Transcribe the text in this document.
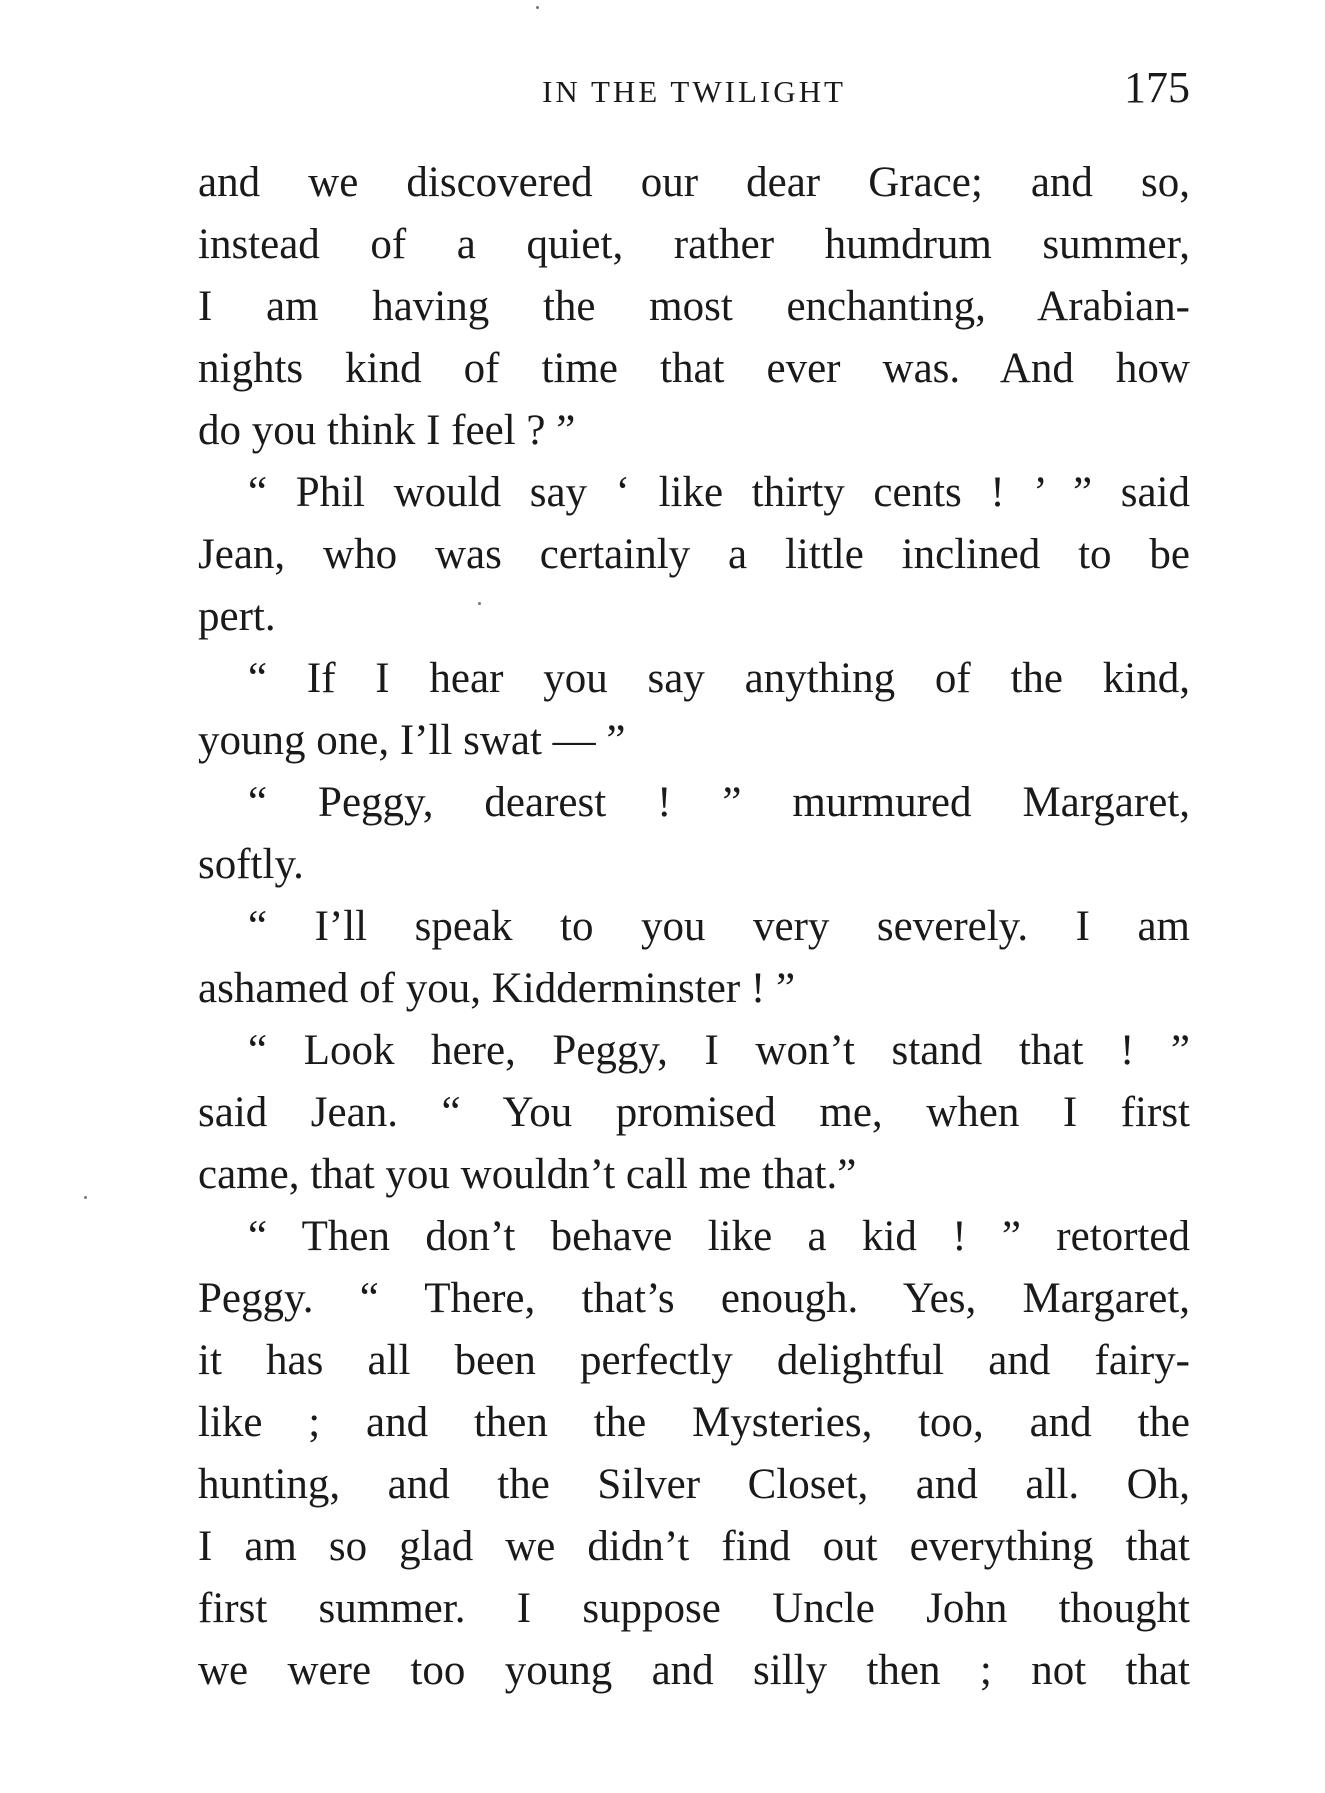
IN THE TWILIGHT	175
and we discovered our dear Grace; and so,
instead of a quiet, rather humdrum summer,
I am having the most enchanting, Arabian-
nights kind of time that ever was. And how
do you think I feel ? ”
“ Phil would say ‘ like thirty cents ! ’ ” said
Jean, who was certainly a little inclined to be
pert.
“ If I hear you say anything of the kind,
young one, I’ll swat — ”
“ Peggy, dearest ! ” murmured Margaret,
softly.
“ I’ll speak to you very severely. I am
ashamed of you, Kidderminster ! ”
“ Look here, Peggy, I won’t stand that ! ”
said Jean. “ You promised me, when I first
came, that you wouldn’t call me that.”
“ Then don’t behave like a kid ! ” retorted
Peggy. “ There, that’s enough. Yes, Margaret,
it has all been perfectly delightful and fairy-
like ; and then the Mysteries, too, and the
hunting, and the Silver Closet, and all. Oh,
I am so glad we didn’t find out everything that
first summer. I suppose Uncle John thought
we were too young and silly then ; not that
